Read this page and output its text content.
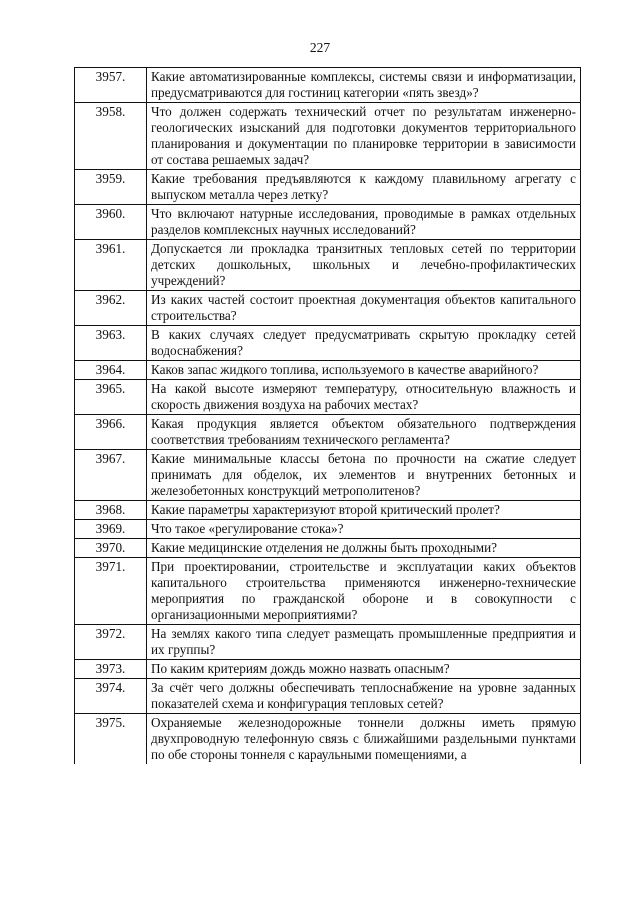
227
3957.	Какие автоматизированные комплексы, системы связи и информатизации, предусматриваются для гостиниц категории «пять звезд»?
3958.	Что должен содержать технический отчет по результатам инженерно-геологических изысканий для подготовки документов территориального планирования и документации по планировке территории в зависимости от состава решаемых задач?
3959.	Какие требования предъявляются к каждому плавильному агрегату с выпуском металла через летку?
3960.	Что включают натурные исследования, проводимые в рамках отдельных разделов комплексных научных исследований?
3961.	Допускается ли прокладка транзитных тепловых сетей по территории детских дошкольных, школьных и лечебно-профилактических учреждений?
3962.	Из каких частей состоит проектная документация объектов капитального строительства?
3963.	В каких случаях следует предусматривать скрытую прокладку сетей водоснабжения?
3964.	Каков запас жидкого топлива, используемого в качестве аварийного?
3965.	На какой высоте измеряют температуру, относительную влажность и скорость движения воздуха на рабочих местах?
3966.	Какая продукция является объектом обязательного подтверждения соответствия требованиям технического регламента?
3967.	Какие минимальные классы бетона по прочности на сжатие следует принимать для обделок, их элементов и внутренних бетонных и железобетонных конструкций метрополитенов?
3968.	Какие параметры характеризуют второй критический пролет?
3969.	Что такое «регулирование стока»?
3970.	Какие медицинские отделения не должны быть проходными?
3971.	При проектировании, строительстве и эксплуатации каких объектов капитального строительства применяются инженерно-технические мероприятия по гражданской обороне и в совокупности с организационными мероприятиями?
3972.	На землях какого типа следует размещать промышленные предприятия и их группы?
3973.	По каким критериям дождь можно назвать опасным?
3974.	За счёт чего должны обеспечивать теплоснабжение на уровне заданных показателей схема и конфигурация тепловых сетей?
3975.	Охраняемые железнодорожные тоннели должны иметь прямую двухпроводную телефонную связь с ближайшими раздельными пунктами по обе стороны тоннеля с караульными помещениями, а
